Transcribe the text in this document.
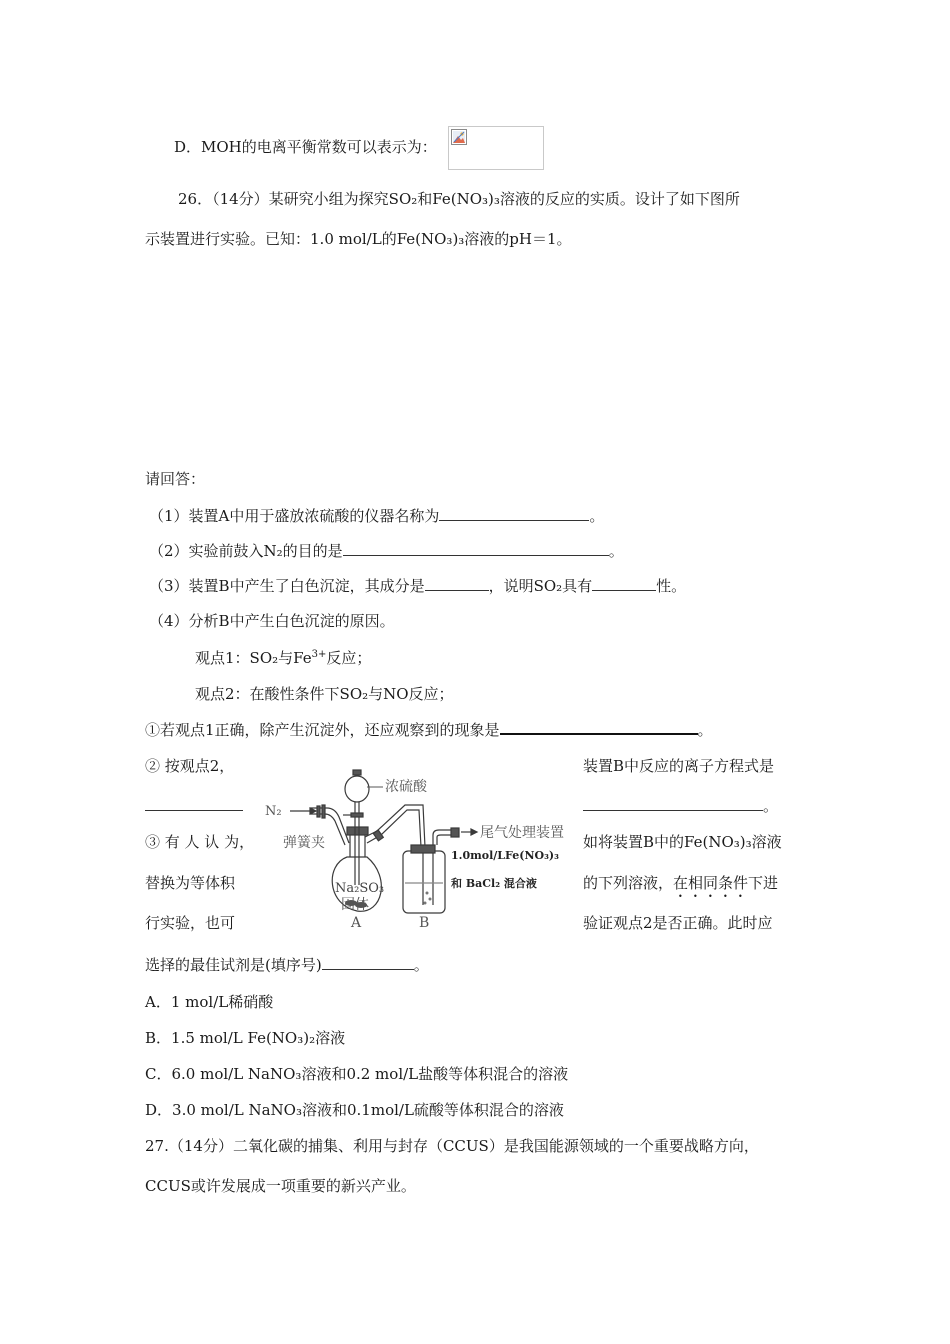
D．MOH的电离平衡常数可以表示为：
26．（14分）某研究小组为探究SO₂和Fe(NO₃)₃溶液的反应的实质。设计了如下图所
示装置进行实验。已知：1.0 mol/L的Fe(NO₃)₃溶液的pH＝1。
请回答：
（1）装置A中用于盛放浓硫酸的仪器名称为	。
（2）实验前鼓入N₂的目的是	。
（3）装置B中产生了白色沉淀，其成分是	，说明SO₂具有	性。
（4）分析B中产生白色沉淀的原因。
观点1：SO₂与$Fe^{3+}$反应；
观点2：在酸性条件下SO₂与NO反应；
①若观点1正确，除产生沉淀外，还应观察到的现象是	。
② 按观点2，	装置B中反应的离子方程式是
。
③ 有 人 认 为，	如将装置B中的Fe(NO₃)₃溶液
替换为等体积	的下列溶液，在相同条件下进
行实验，也可	验证观点2是否正确。此时应
选择的最佳试剂是(填序号)	。
A．1 mol/L稀硝酸
B．1.5 mol/L Fe(NO₃)₂溶液
C．6.0 mol/L NaNO₃溶液和0.2 mol/L盐酸等体积混合的溶液
D．3.0 mol/L NaNO₃溶液和0.1mol/L硫酸等体积混合的溶液
27.（14分）二氧化碳的捕集、利用与封存（CCUS）是我国能源领域的一个重要战略方向，
CCUS或许发展成一项重要的新兴产业。
N₂
浓硫酸
弹簧夹
Na₂SO₃
固体
A	B
尾气处理装置
1.0mol/LFe(NO₃)₃
和 BaCl₂ 混合液
